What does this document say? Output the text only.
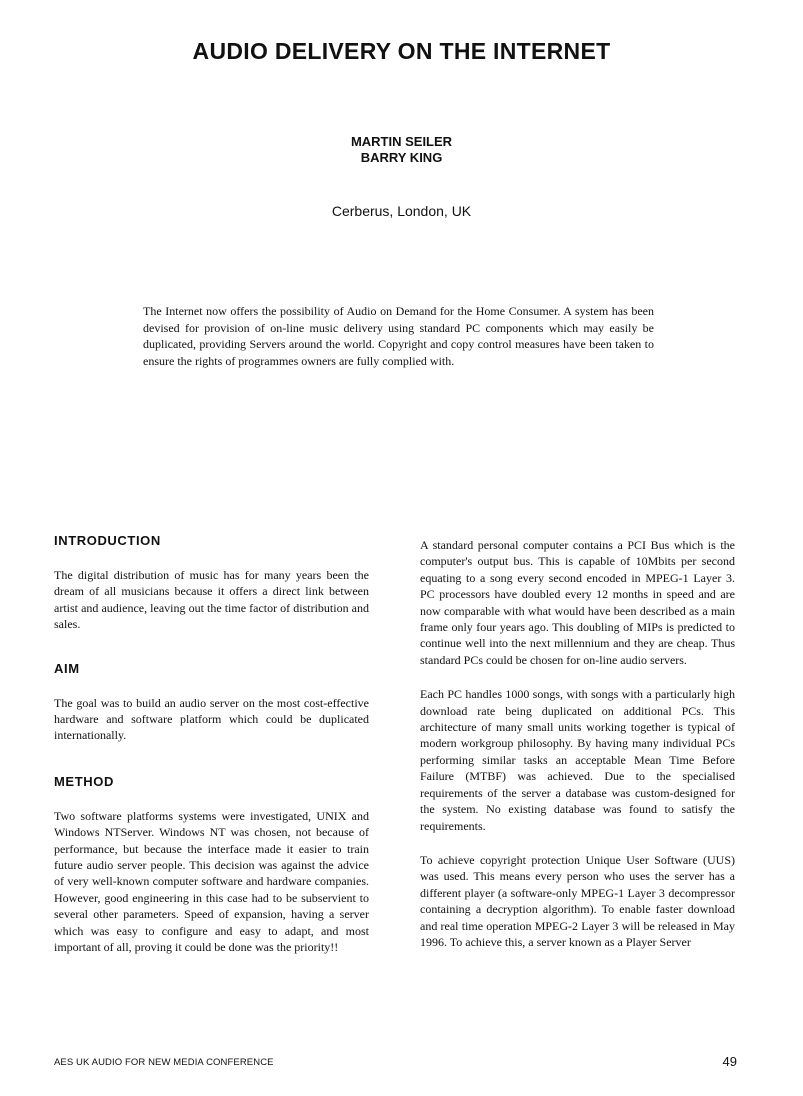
AUDIO DELIVERY ON THE INTERNET
MARTIN SEILER
BARRY KING
Cerberus, London, UK

The Internet now offers the possibility of Audio on Demand for the Home Consumer. A system has been devised for provision of on-line music delivery using standard PC components which may easily be duplicated, providing Servers around the world. Copyright and copy control measures have been taken to ensure the rights of programmes owners are fully complied with.

INTRODUCTION

The digital distribution of music has for many years been the dream of all musicians because it offers a direct link between artist and audience, leaving out the time factor of distribution and sales.

AIM

The goal was to build an audio server on the most cost-effective hardware and software platform which could be duplicated internationally.

METHOD

Two software platforms systems were investigated, UNIX and Windows NTServer. Windows NT was chosen, not because of performance, but because the interface made it easier to train future audio server people. This decision was against the advice of very well-known computer software and hardware companies. However, good engineering in this case had to be subservient to several other parameters. Speed of expansion, having a server which was easy to configure and easy to adapt, and most important of all, proving it could be done was the priority!!

A standard personal computer contains a PCI Bus which is the computer's output bus. This is capable of 10Mbits per second equating to a song every second encoded in MPEG-1 Layer 3. PC processors have doubled every 12 months in speed and are now comparable with what would have been described as a main frame only four years ago. This doubling of MIPs is predicted to continue well into the next millennium and they are cheap. Thus standard PCs could be chosen for on-line audio servers.

Each PC handles 1000 songs, with songs with a particularly high download rate being duplicated on additional PCs. This architecture of many small units working together is typical of modern workgroup philosophy. By having many individual PCs performing similar tasks an acceptable Mean Time Before Failure (MTBF) was achieved. Due to the specialised requirements of the server a database was custom-designed for the system. No existing database was found to satisfy the requirements.

To achieve copyright protection Unique User Software (UUS) was used. This means every person who uses the server has a different player (a software-only MPEG-1 Layer 3 decompressor containing a decryption algorithm). To enable faster download and real time operation MPEG-2 Layer 3 will be released in May 1996. To achieve this, a server known as a Player Server

AES UK AUDIO FOR NEW MEDIA CONFERENCE	49
